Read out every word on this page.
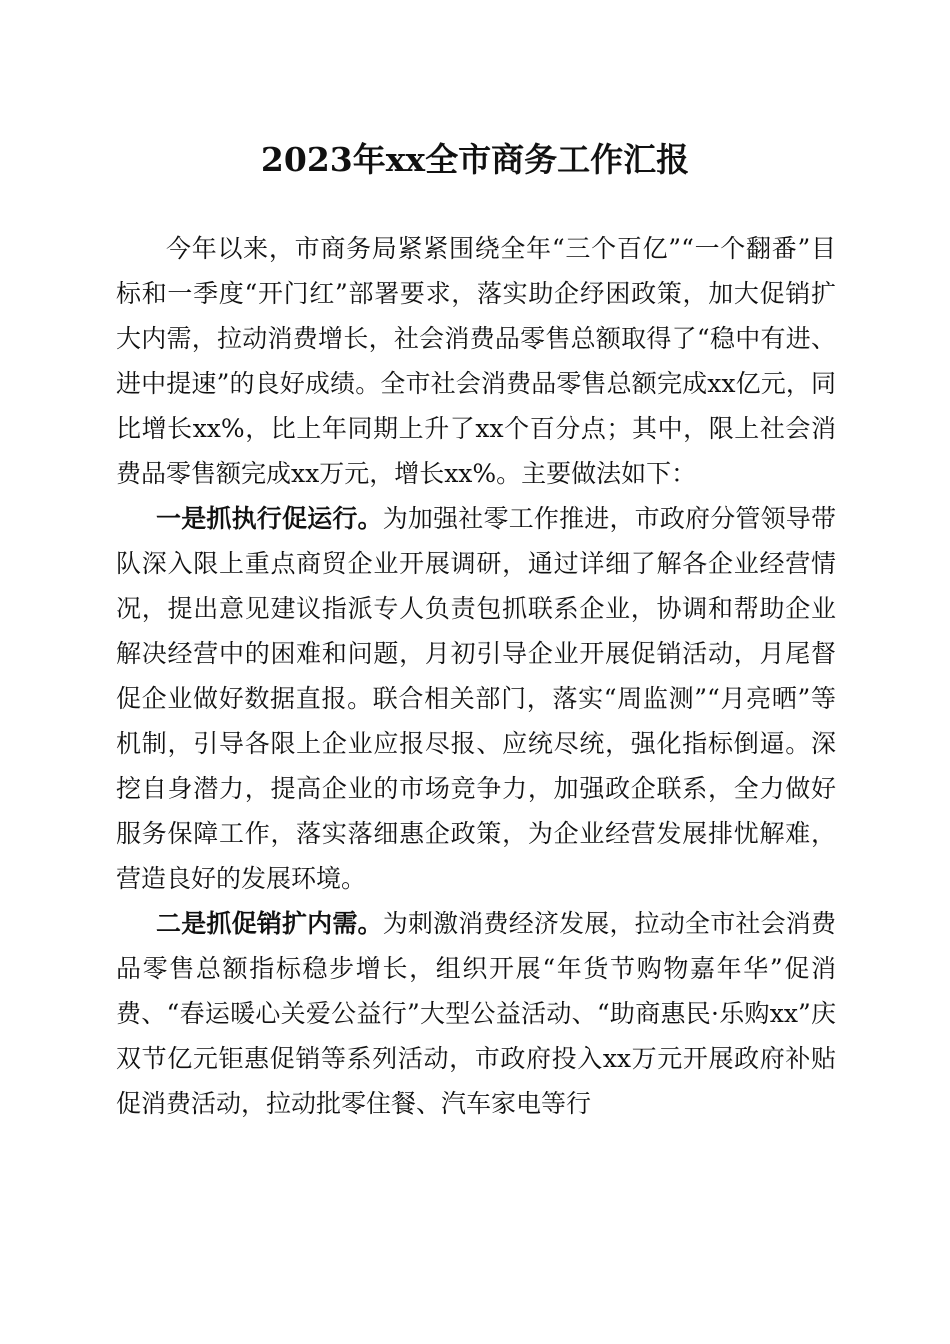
2023年xx全市商务工作汇报

今年以来，市商务局紧紧围绕全年“三个百亿”“一个翻番”目标和一季度“开门红”部署要求，落实助企纾困政策，加大促销扩大内需，拉动消费增长，社会消费品零售总额取得了“稳中有进、进中提速”的良好成绩。全市社会消费品零售总额完成xx亿元，同比增长xx%，比上年同期上升了xx个百分点；其中，限上社会消费品零售额完成xx万元，增长xx%。主要做法如下：

一是抓执行促运行。为加强社零工作推进，市政府分管领导带队深入限上重点商贸企业开展调研，通过详细了解各企业经营情况，提出意见建议指派专人负责包抓联系企业，协调和帮助企业解决经营中的困难和问题，月初引导企业开展促销活动，月尾督促企业做好数据直报。联合相关部门，落实“周监测”“月亮晒”等机制，引导各限上企业应报尽报、应统尽统，强化指标倒逼。深挖自身潜力，提高企业的市场竞争力，加强政企联系，全力做好服务保障工作，落实落细惠企政策，为企业经营发展排忧解难，营造良好的发展环境。

二是抓促销扩内需。为刺激消费经济发展，拉动全市社会消费品零售总额指标稳步增长，组织开展“年货节购物嘉年华”促消费、“春运暖心关爱公益行”大型公益活动、“助商惠民·乐购xx”庆双节亿元钜惠促销等系列活动，市政府投入xx万元开展政府补贴促消费活动，拉动批零住餐、汽车家电等行
